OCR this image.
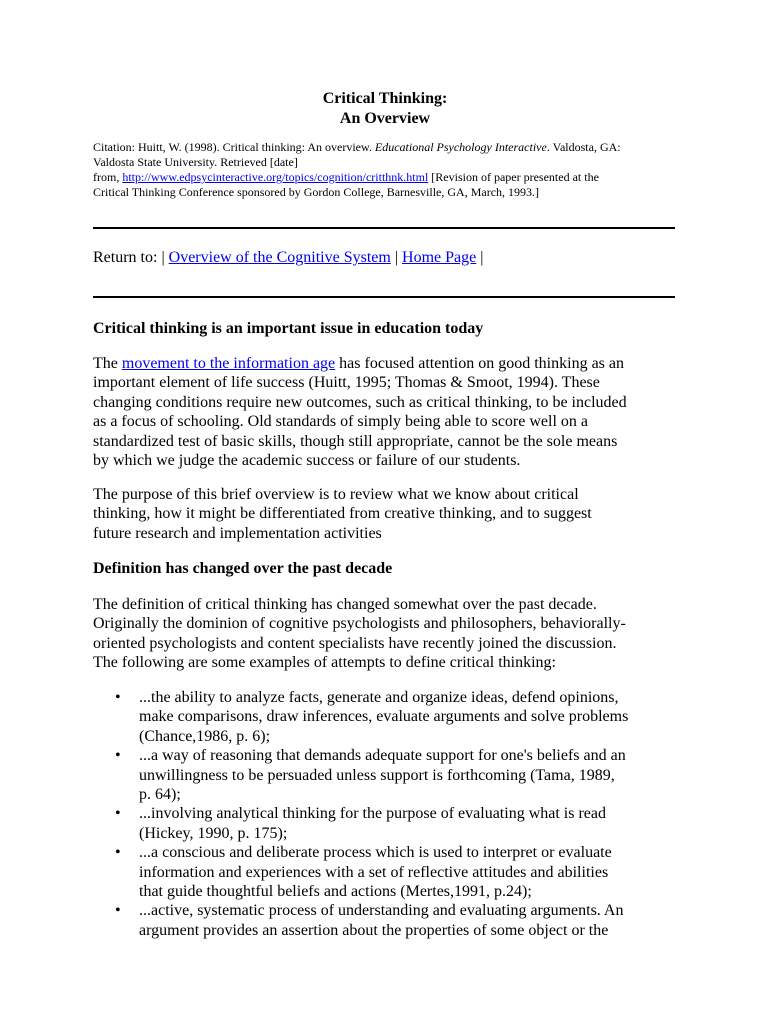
Critical Thinking:
An Overview
Citation: Huitt, W. (1998). Critical thinking: An overview. Educational Psychology Interactive. Valdosta, GA:
Valdosta State University. Retrieved [date]
from, http://www.edpsycinteractive.org/topics/cognition/critthnk.html [Revision of paper presented at the
Critical Thinking Conference sponsored by Gordon College, Barnesville, GA, March, 1993.]
Return to: | Overview of the Cognitive System | Home Page |
Critical thinking is an important issue in education today
The movement to the information age has focused attention on good thinking as an
important element of life success (Huitt, 1995; Thomas & Smoot, 1994). These
changing conditions require new outcomes, such as critical thinking, to be included
as a focus of schooling. Old standards of simply being able to score well on a
standardized test of basic skills, though still appropriate, cannot be the sole means
by which we judge the academic success or failure of our students.
The purpose of this brief overview is to review what we know about critical
thinking, how it might be differentiated from creative thinking, and to suggest
future research and implementation activities
Definition has changed over the past decade
The definition of critical thinking has changed somewhat over the past decade.
Originally the dominion of cognitive psychologists and philosophers, behaviorally-
oriented psychologists and content specialists have recently joined the discussion.
The following are some examples of attempts to define critical thinking:
• ...the ability to analyze facts, generate and organize ideas, defend opinions,
make comparisons, draw inferences, evaluate arguments and solve problems
(Chance,1986, p. 6);
• ...a way of reasoning that demands adequate support for one's beliefs and an
unwillingness to be persuaded unless support is forthcoming (Tama, 1989,
p. 64);
• ...involving analytical thinking for the purpose of evaluating what is read
(Hickey, 1990, p. 175);
• ...a conscious and deliberate process which is used to interpret or evaluate
information and experiences with a set of reflective attitudes and abilities
that guide thoughtful beliefs and actions (Mertes,1991, p.24);
• ...active, systematic process of understanding and evaluating arguments. An
argument provides an assertion about the properties of some object or the
